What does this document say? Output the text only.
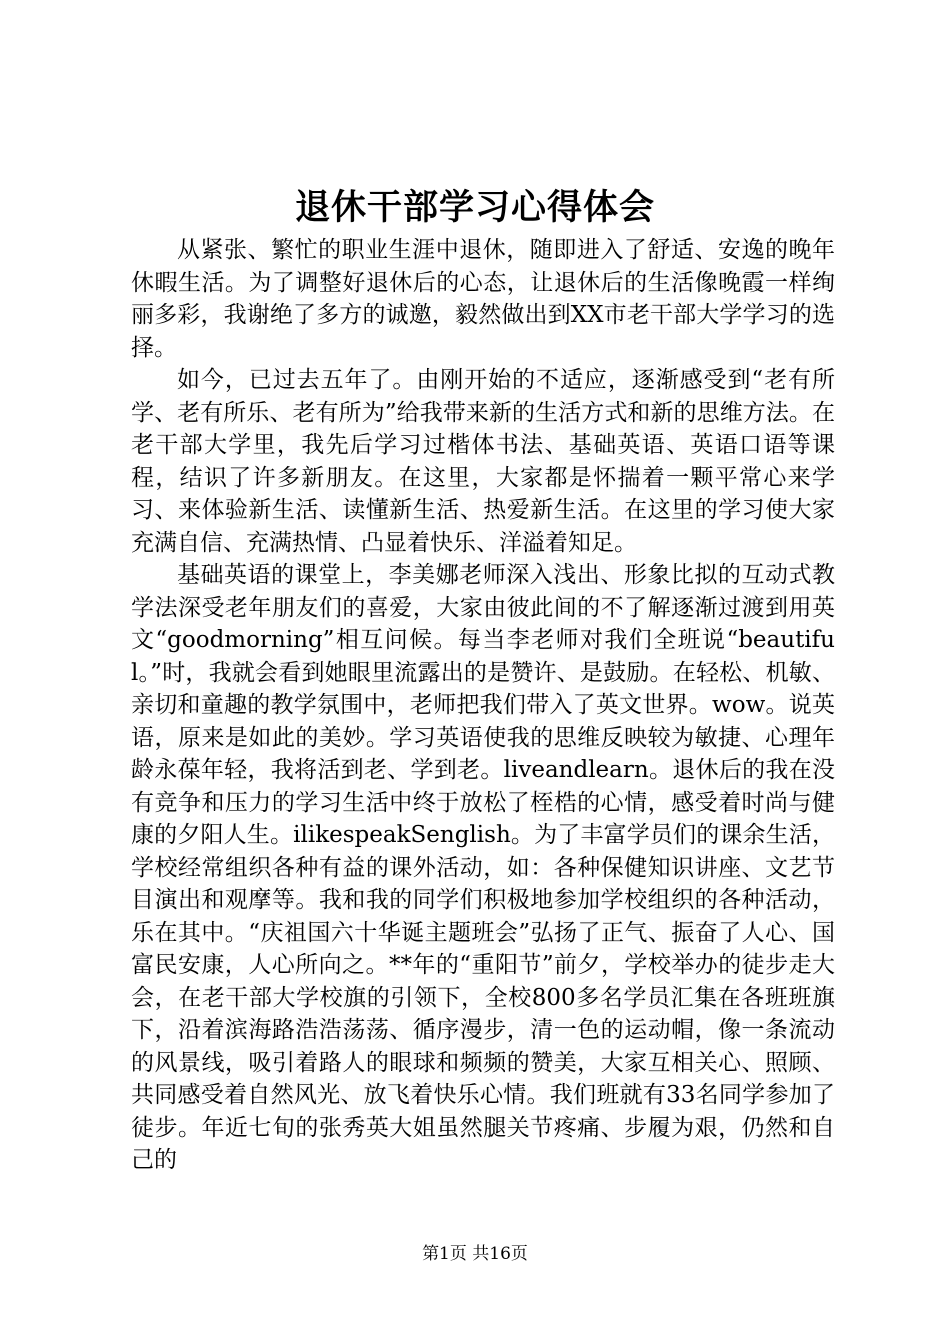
退休干部学习心得体会

从紧张、繁忙的职业生涯中退休，随即进入了舒适、安逸的晚年休暇生活。为了调整好退休后的心态，让退休后的生活像晚霞一样绚丽多彩，我谢绝了多方的诚邀，毅然做出到XX市老干部大学学习的选择。

如今，已过去五年了。由刚开始的不适应，逐渐感受到“老有所学、老有所乐、老有所为”给我带来新的生活方式和新的思维方法。在老干部大学里，我先后学习过楷体书法、基础英语、英语口语等课程，结识了许多新朋友。在这里，大家都是怀揣着一颗平常心来学习、来体验新生活、读懂新生活、热爱新生活。在这里的学习使大家充满自信、充满热情、凸显着快乐、洋溢着知足。

基础英语的课堂上，李美娜老师深入浅出、形象比拟的互动式教学法深受老年朋友们的喜爱，大家由彼此间的不了解逐渐过渡到用英文“goodmorning”相互问候。每当李老师对我们全班说“beautiful。”时，我就会看到她眼里流露出的是赞许、是鼓励。在轻松、机敏、亲切和童趣的教学氛围中，老师把我们带入了英文世界。wow。说英语，原来是如此的美妙。学习英语使我的思维反映较为敏捷、心理年龄永葆年轻，我将活到老、学到老。liveandlearn。退休后的我在没有竞争和压力的学习生活中终于放松了桎梏的心情，感受着时尚与健康的夕阳人生。ilikespeakSenglish。为了丰富学员们的课余生活，学校经常组织各种有益的课外活动，如：各种保健知识讲座、文艺节目演出和观摩等。我和我的同学们积极地参加学校组织的各种活动，乐在其中。“庆祖国六十华诞主题班会”弘扬了正气、振奋了人心、国富民安康，人心所向之。**年的“重阳节”前夕，学校举办的徒步走大会，在老干部大学校旗的引领下，全校800多名学员汇集在各班班旗下，沿着滨海路浩浩荡荡、循序漫步，清一色的运动帽，像一条流动的风景线，吸引着路人的眼球和频频的赞美，大家互相关心、照顾、共同感受着自然风光、放飞着快乐心情。我们班就有33名同学参加了徒步。年近七旬的张秀英大姐虽然腿关节疼痛、步履为艰，仍然和自己的

第1页 共16页
